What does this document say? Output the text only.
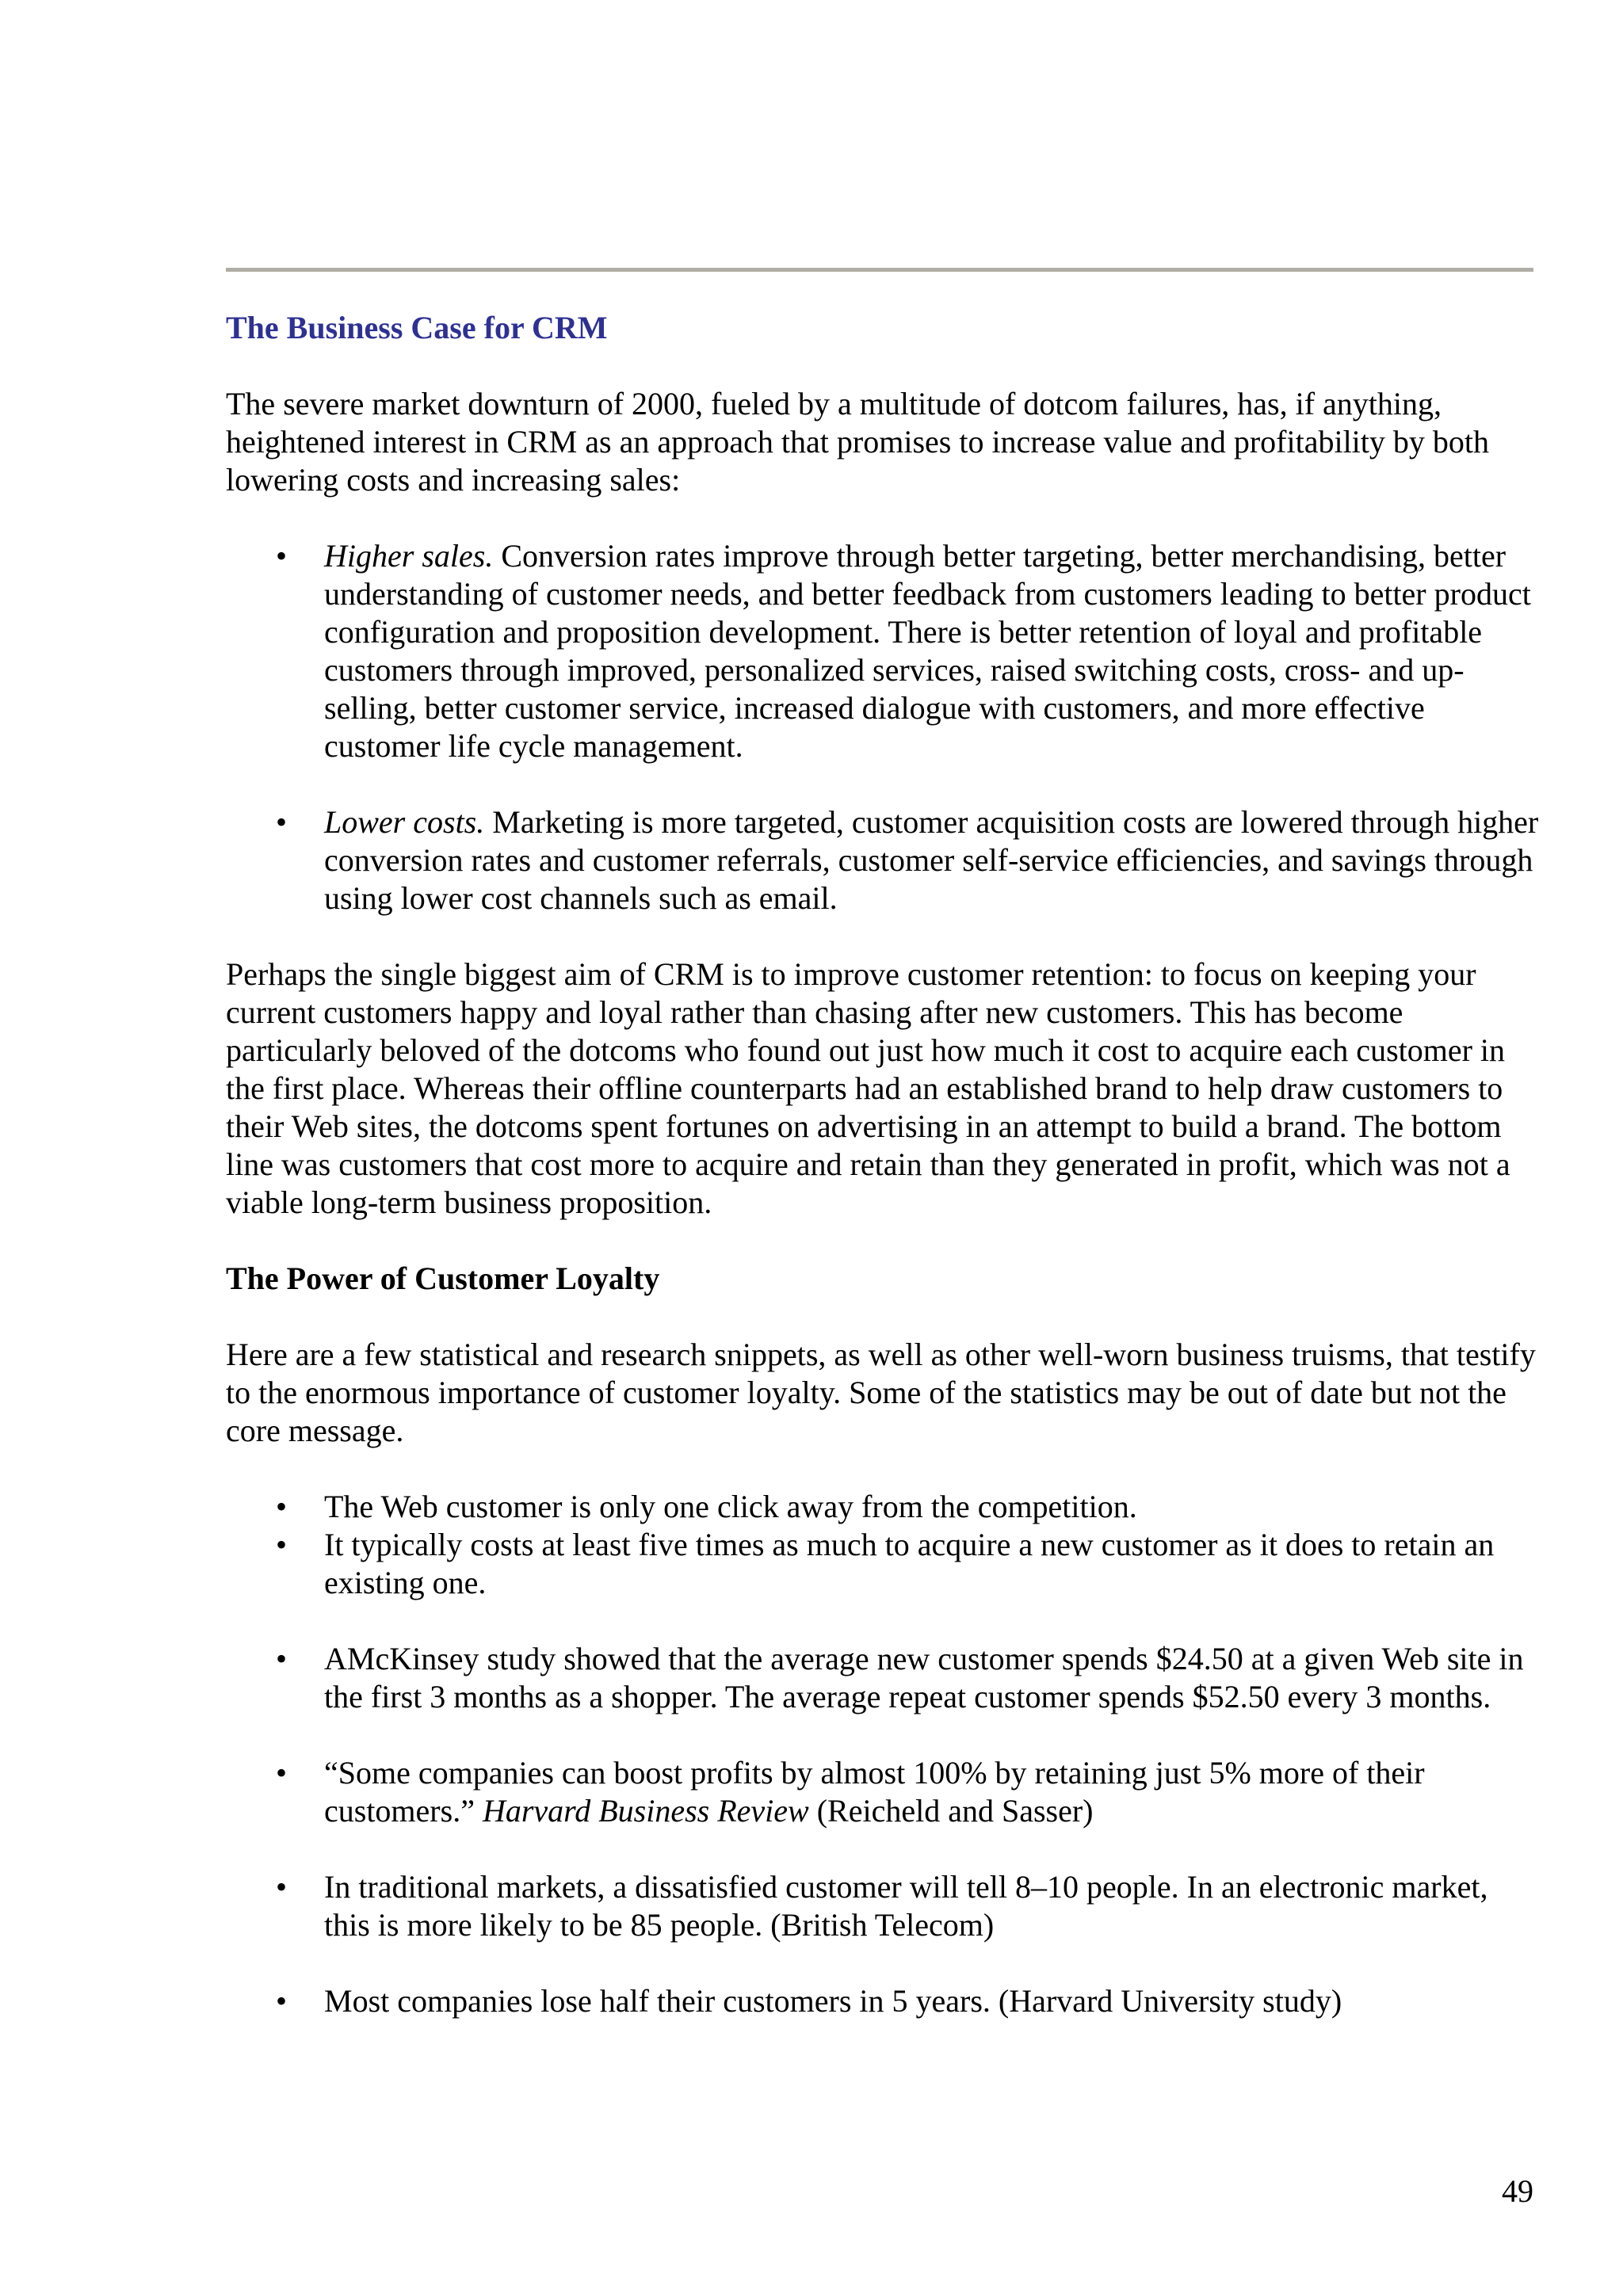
The Business Case for CRM

The severe market downturn of 2000, fueled by a multitude of dotcom failures, has, if anything, heightened interest in CRM as an approach that promises to increase value and profitability by both lowering costs and increasing sales:

• Higher sales. Conversion rates improve through better targeting, better merchandising, better understanding of customer needs, and better feedback from customers leading to better product configuration and proposition development. There is better retention of loyal and profitable customers through improved, personalized services, raised switching costs, cross- and up-selling, better customer service, increased dialogue with customers, and more effective customer life cycle management.
• Lower costs. Marketing is more targeted, customer acquisition costs are lowered through higher conversion rates and customer referrals, customer self-service efficiencies, and savings through using lower cost channels such as email.

Perhaps the single biggest aim of CRM is to improve customer retention: to focus on keeping your current customers happy and loyal rather than chasing after new customers. This has become particularly beloved of the dotcoms who found out just how much it cost to acquire each customer in the first place. Whereas their offline counterparts had an established brand to help draw customers to their Web sites, the dotcoms spent fortunes on advertising in an attempt to build a brand. The bottom line was customers that cost more to acquire and retain than they generated in profit, which was not a viable long-term business proposition.

The Power of Customer Loyalty

Here are a few statistical and research snippets, as well as other well-worn business truisms, that testify to the enormous importance of customer loyalty. Some of the statistics may be out of date but not the core message.

• The Web customer is only one click away from the competition.
• It typically costs at least five times as much to acquire a new customer as it does to retain an existing one.
• AMcKinsey study showed that the average new customer spends $24.50 at a given Web site in the first 3 months as a shopper. The average repeat customer spends $52.50 every 3 months.
• “Some companies can boost profits by almost 100% by retaining just 5% more of their customers.” Harvard Business Review (Reicheld and Sasser)
• In traditional markets, a dissatisfied customer will tell 8–10 people. In an electronic market, this is more likely to be 85 people. (British Telecom)
• Most companies lose half their customers in 5 years. (Harvard University study)
49
